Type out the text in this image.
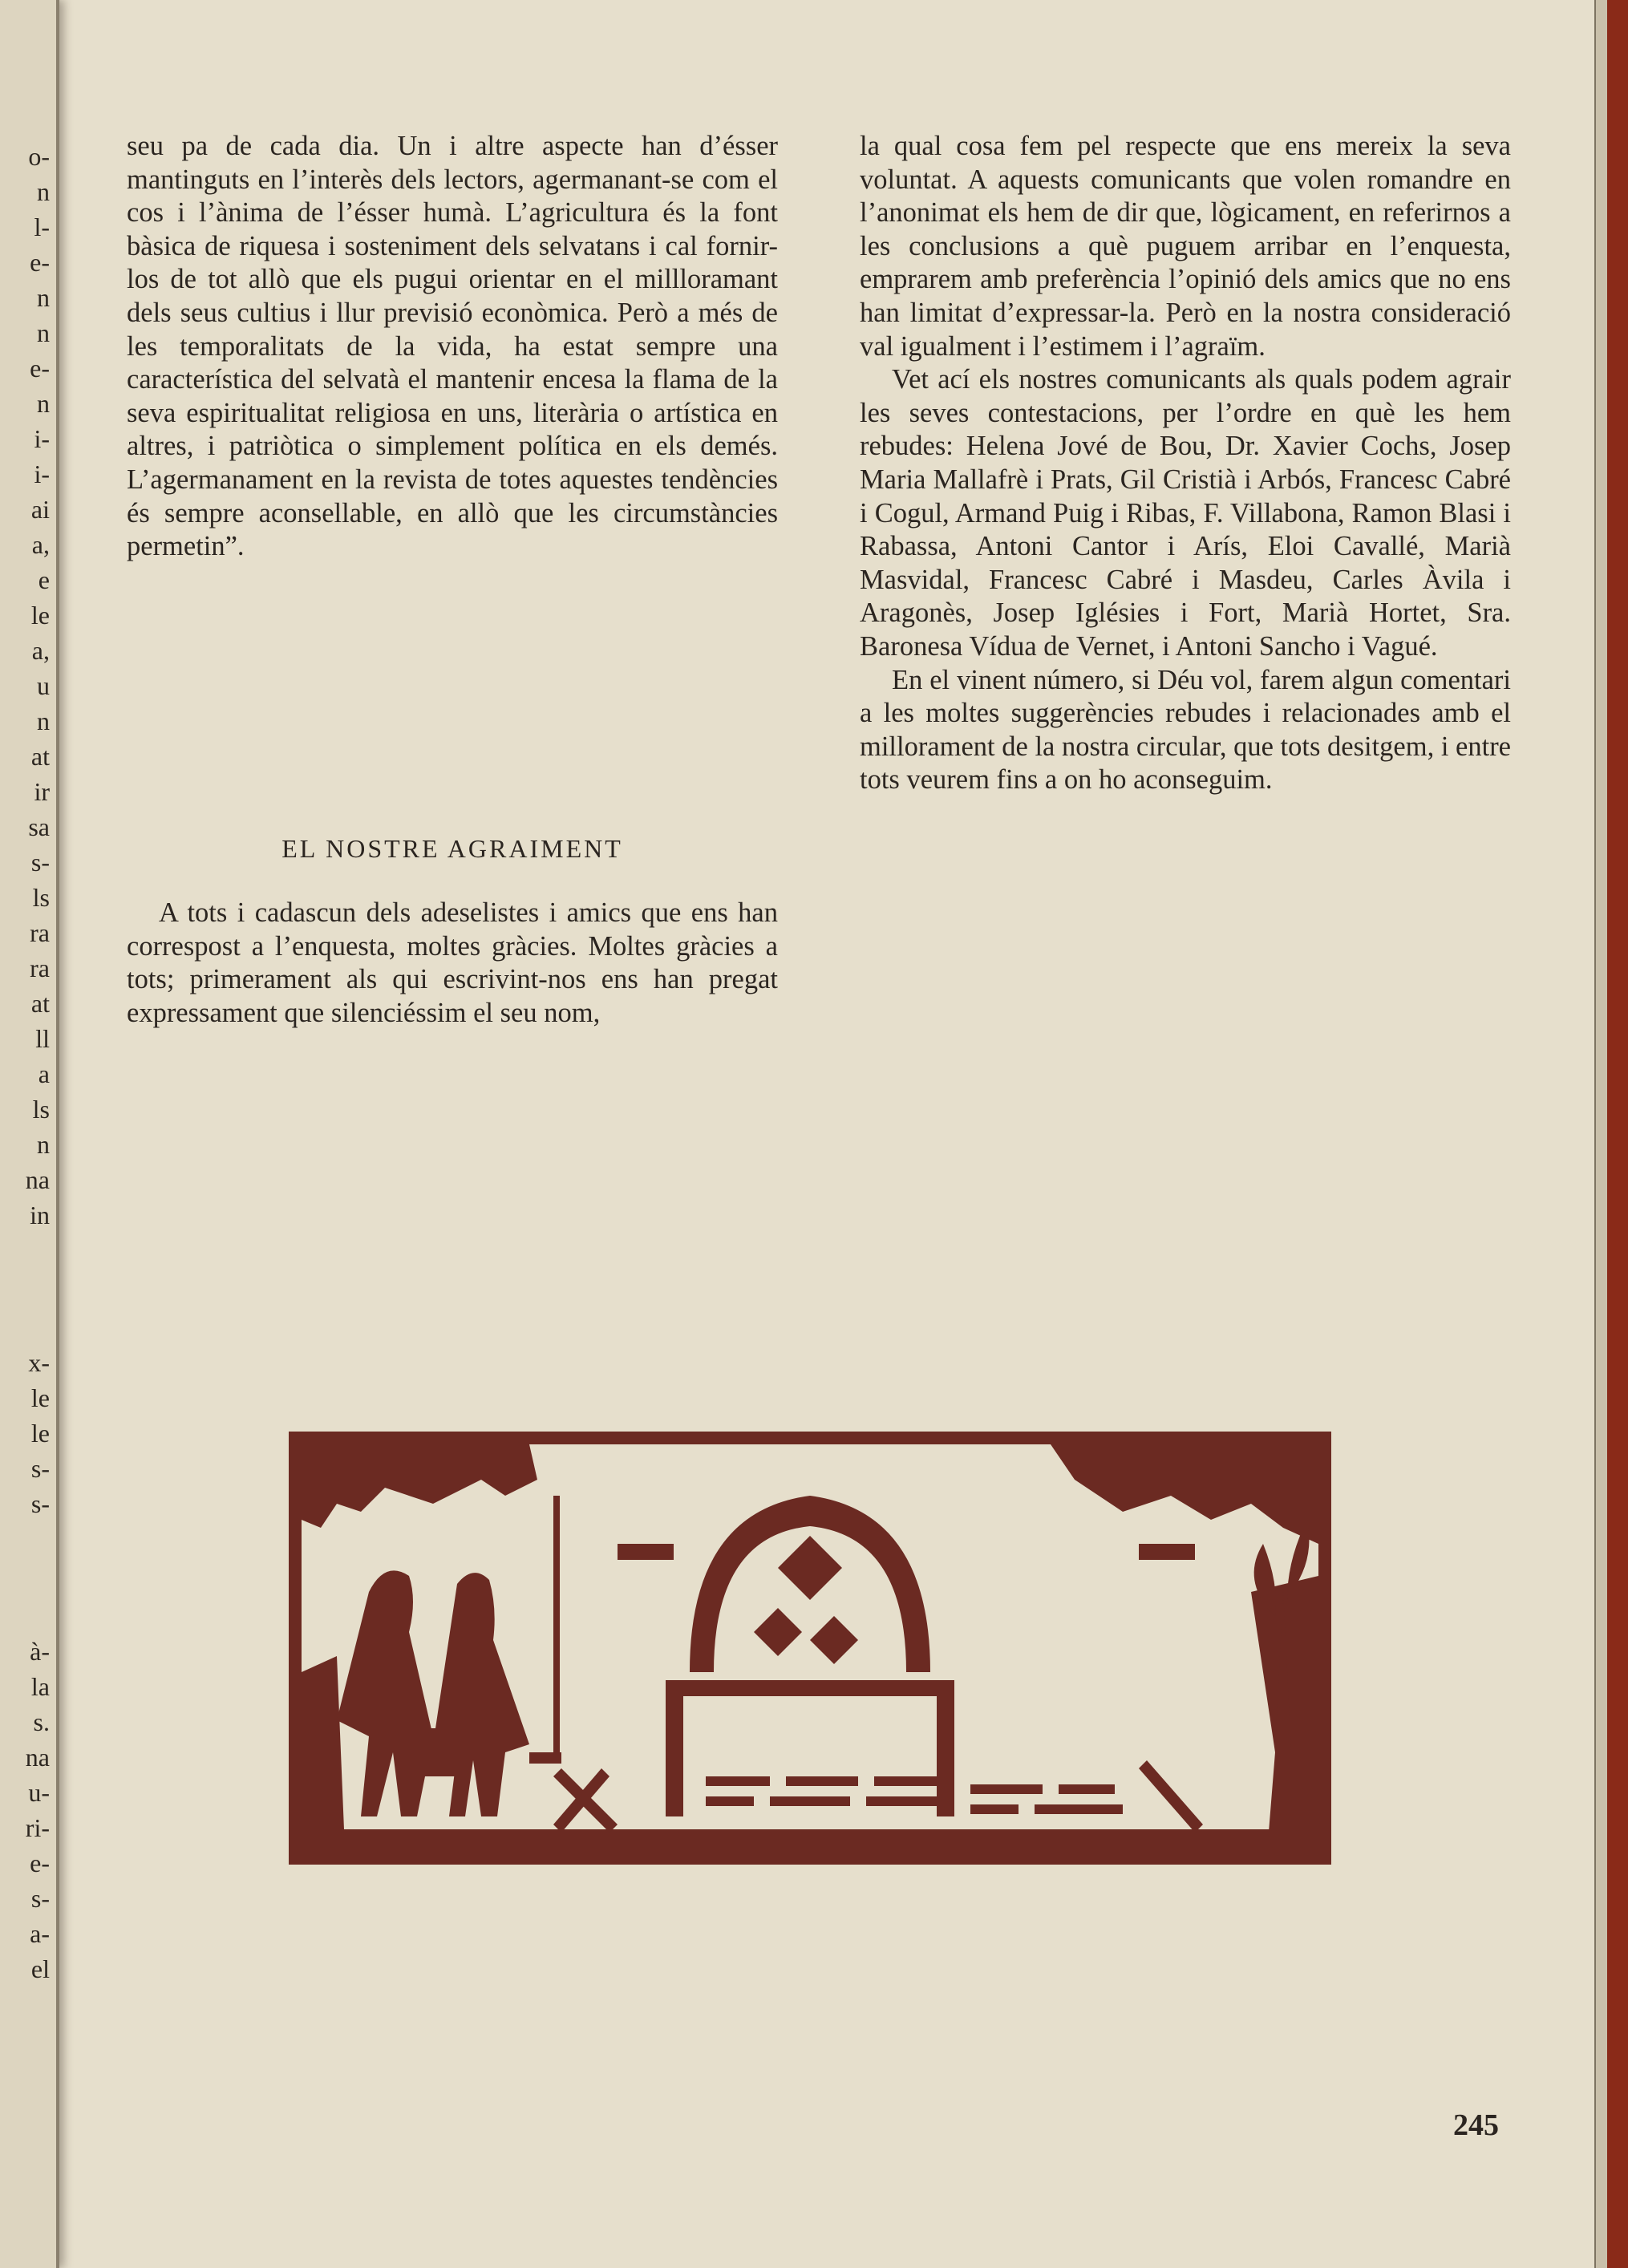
o-
n
l-
e-
n
n
e-
n
i-
i-
ai
a,
e
le
a,
u
n
at
ir
sa
s-
ls
ra
ra
at
ll
a
ls
n
na
in
x-
le
le
s-
s-
à-
la
s.
na
u-
ri-
e-
s-
a-
el

seu pa de cada dia. Un i altre aspecte han d’ésser mantinguts en l’interès dels lectors, agermanant-se com el cos i l’ànima de l’ésser humà. L’agricultura és la font bàsica de riquesa i sosteniment dels selvatans i cal fornir-los de tot allò que els pugui orientar en el millloramant dels seus cultius i llur previsió econòmica. Però a més de les temporalitats de la vida, ha estat sempre una característica del selvatà el mantenir encesa la flama de la seva espiritualitat religiosa en uns, literària o artística en altres, i patriòtica o simplement política en els demés. L’agermanament en la revista de totes aquestes tendències és sempre aconsellable, en allò que les circumstàncies permetin”.

EL NOSTRE AGRAIMENT

A tots i cadascun dels adeselistes i amics que ens han correspost a l’enquesta, moltes gràcies. Moltes gràcies a tots; primerament als qui escrivint-nos ens han pregat expressament que silenciéssim el seu nom,

la qual cosa fem pel respecte que ens mereix la seva voluntat. A aquests comunicants que volen romandre en l’anonimat els hem de dir que, lògicament, en referirnos a les conclusions a què puguem arribar en l’enquesta, emprarem amb preferència l’opinió dels amics que no ens han limitat d’expressar-la. Però en la nostra consideració val igualment i l’estimem i l’agraïm.

Vet ací els nostres comunicants als quals podem agrair les seves contestacions, per l’ordre en què les hem rebudes: Helena Jové de Bou, Dr. Xavier Cochs, Josep Maria Mallafrè i Prats, Gil Cristià i Arbós, Francesc Cabré i Cogul, Armand Puig i Ribas, F. Villabona, Ramon Blasi i Rabassa, Antoni Cantor i Arís, Eloi Cavallé, Marià Masvidal, Francesc Cabré i Masdeu, Carles Àvila i Aragonès, Josep Iglésies i Fort, Marià Hortet, Sra. Baronesa Vídua de Vernet, i Antoni Sancho i Vagué.

En el vinent número, si Déu vol, farem algun comentari a les moltes suggerències rebudes i relacionades amb el millorament de la nostra circular, que tots desitgem, i entre tots veurem fins a on ho aconseguim.

245
